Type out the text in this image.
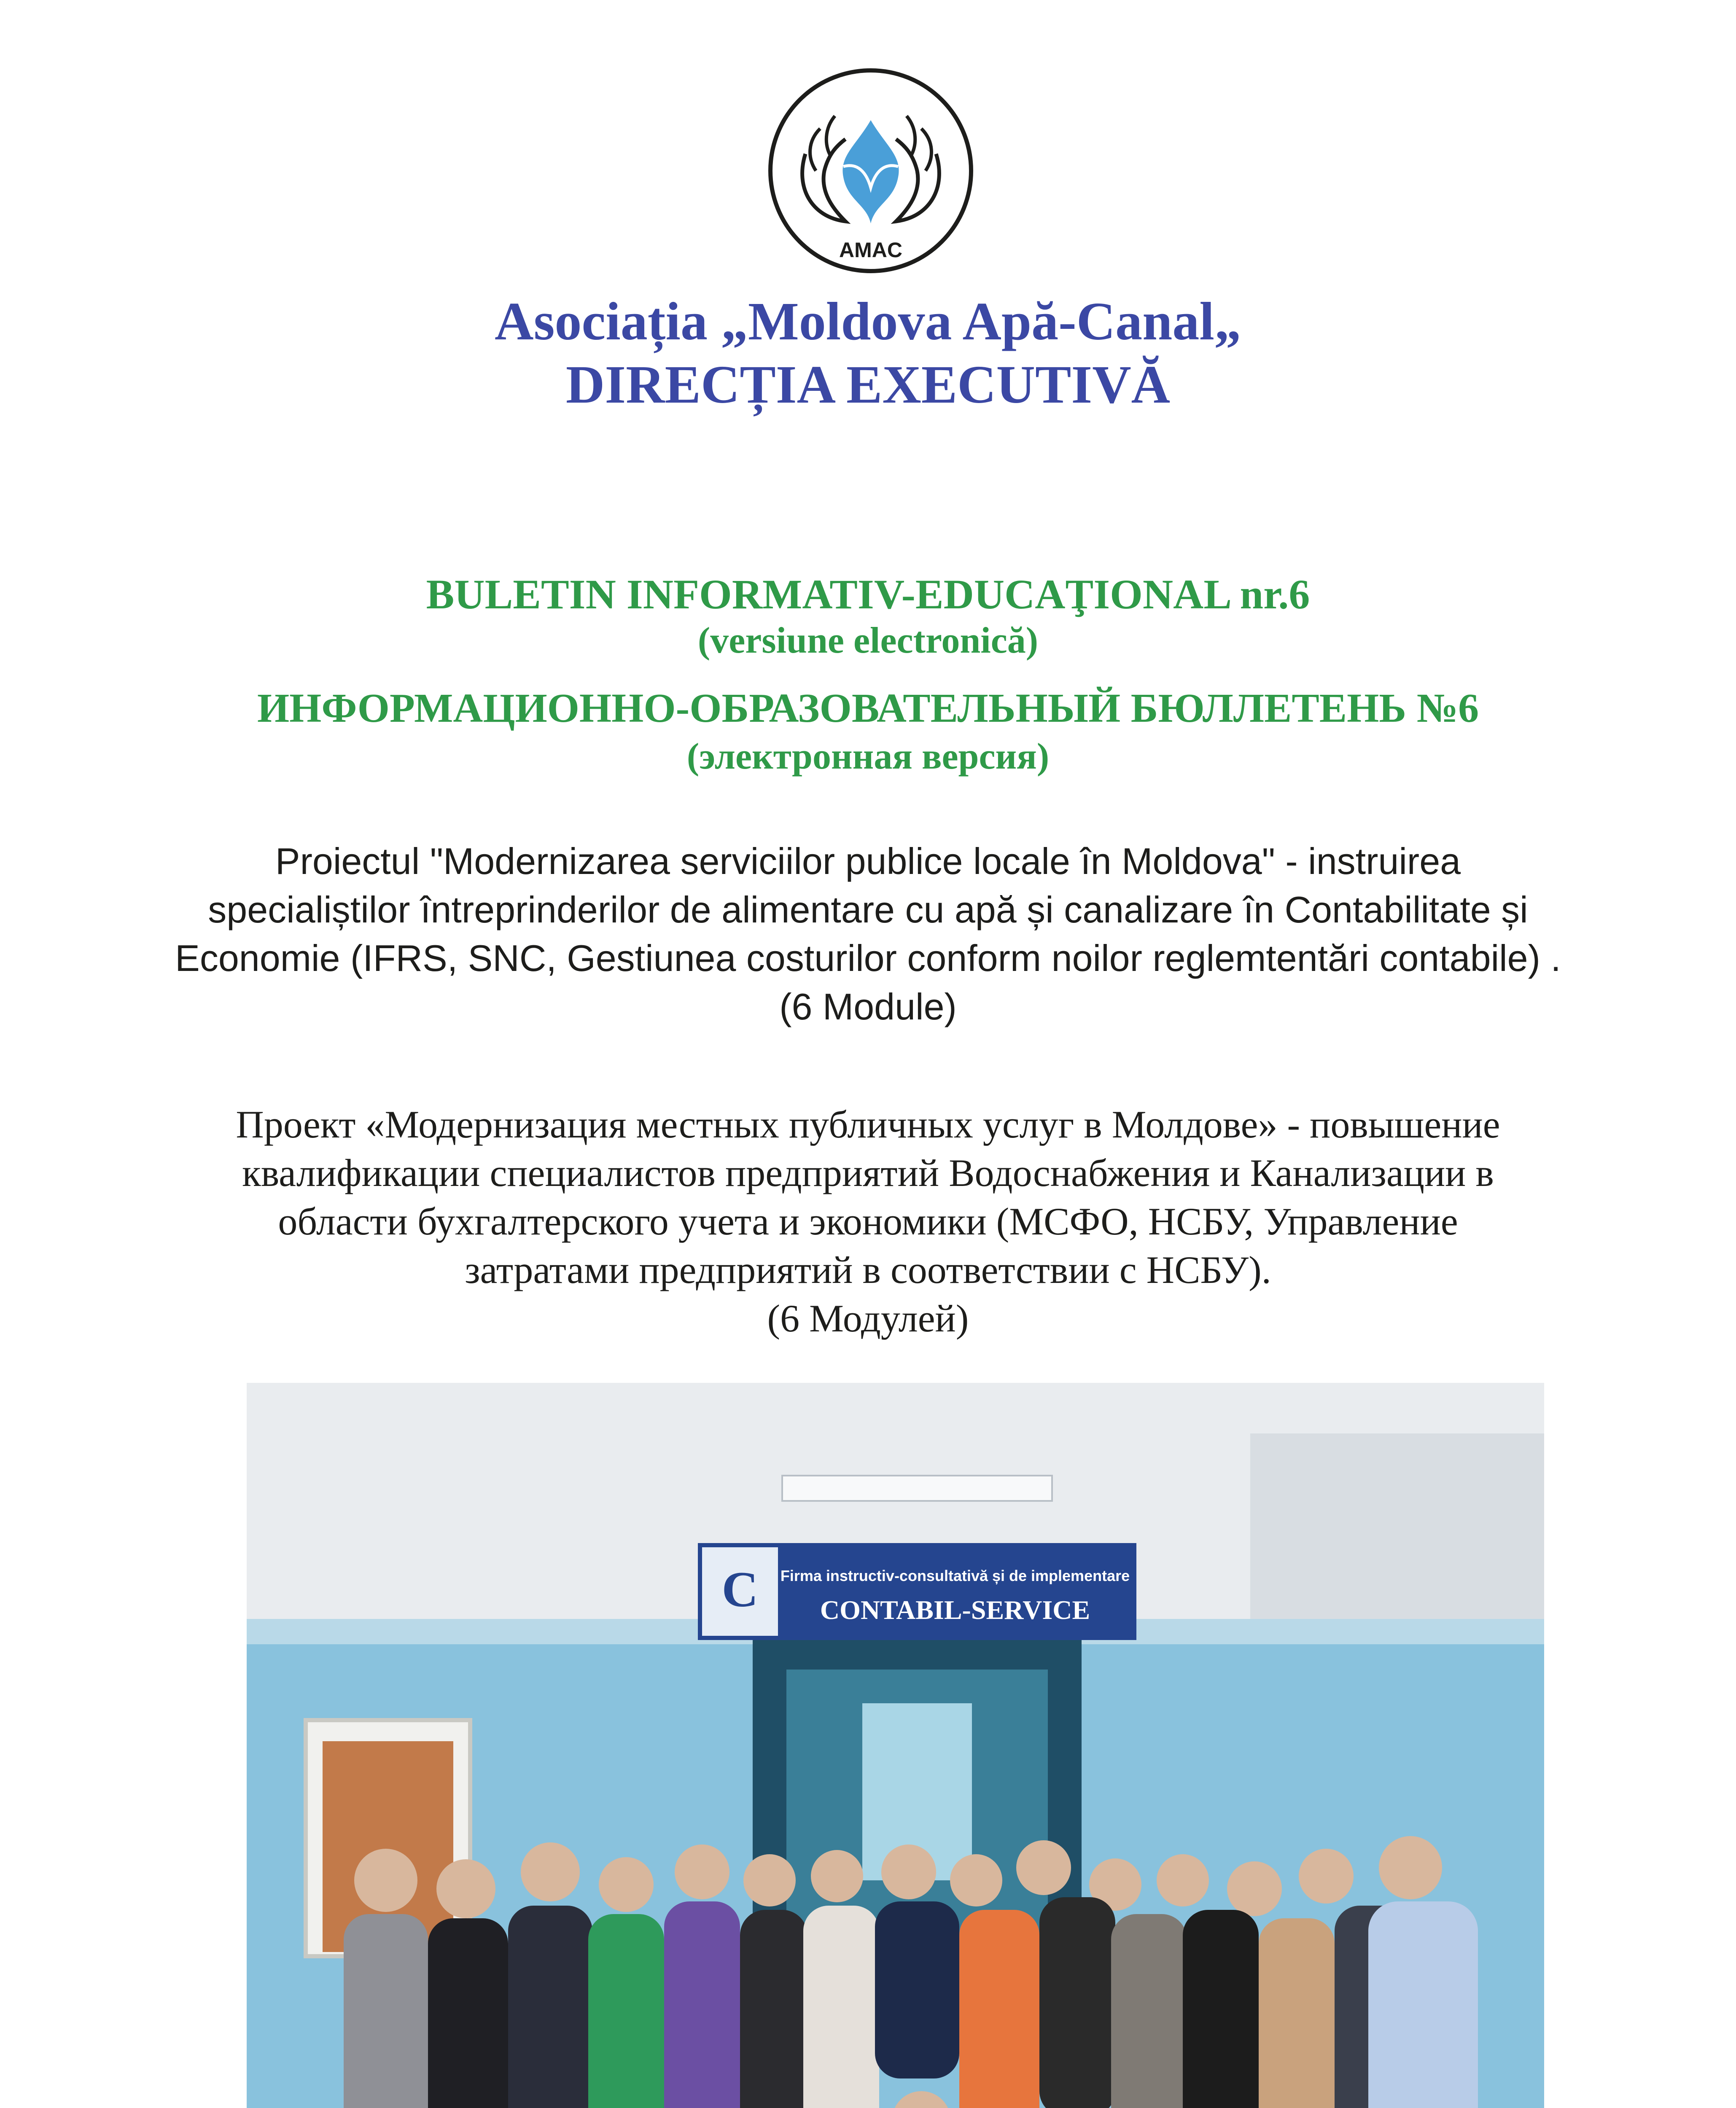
AMAC
Asociația „Moldova Apă-Canal„
DIRECȚIA EXECUTIVĂ
BULETIN INFORMATIV-EDUCAŢIONAL nr.6
(versiune electronică)
ИНФОРМАЦИОННО-ОБРАЗОВАТЕЛЬНЫЙ БЮЛЛЕТЕНЬ №6
(электронная версия)
Proiectul "Modernizarea serviciilor publice locale în Moldova" - instruirea
specialiștilor întreprinderilor de alimentare cu apă și canalizare în Contabilitate și
Economie (IFRS, SNC, Gestiunea costurilor conform noilor reglemtentări contabile) .
(6 Module)
Проект «Модернизация местных публичных услуг в Молдове» - повышение
квалификации специалистов предприятий Водоснабжения и Канализации в
области бухгалтерского учета и экономики (МСФО, НСБУ, Управление
затратами предприятий в соответствии с НСБУ).
(6 Модулей)
C Firma instructiv-consultativă și de implementare
CONTABIL-SERVICE
